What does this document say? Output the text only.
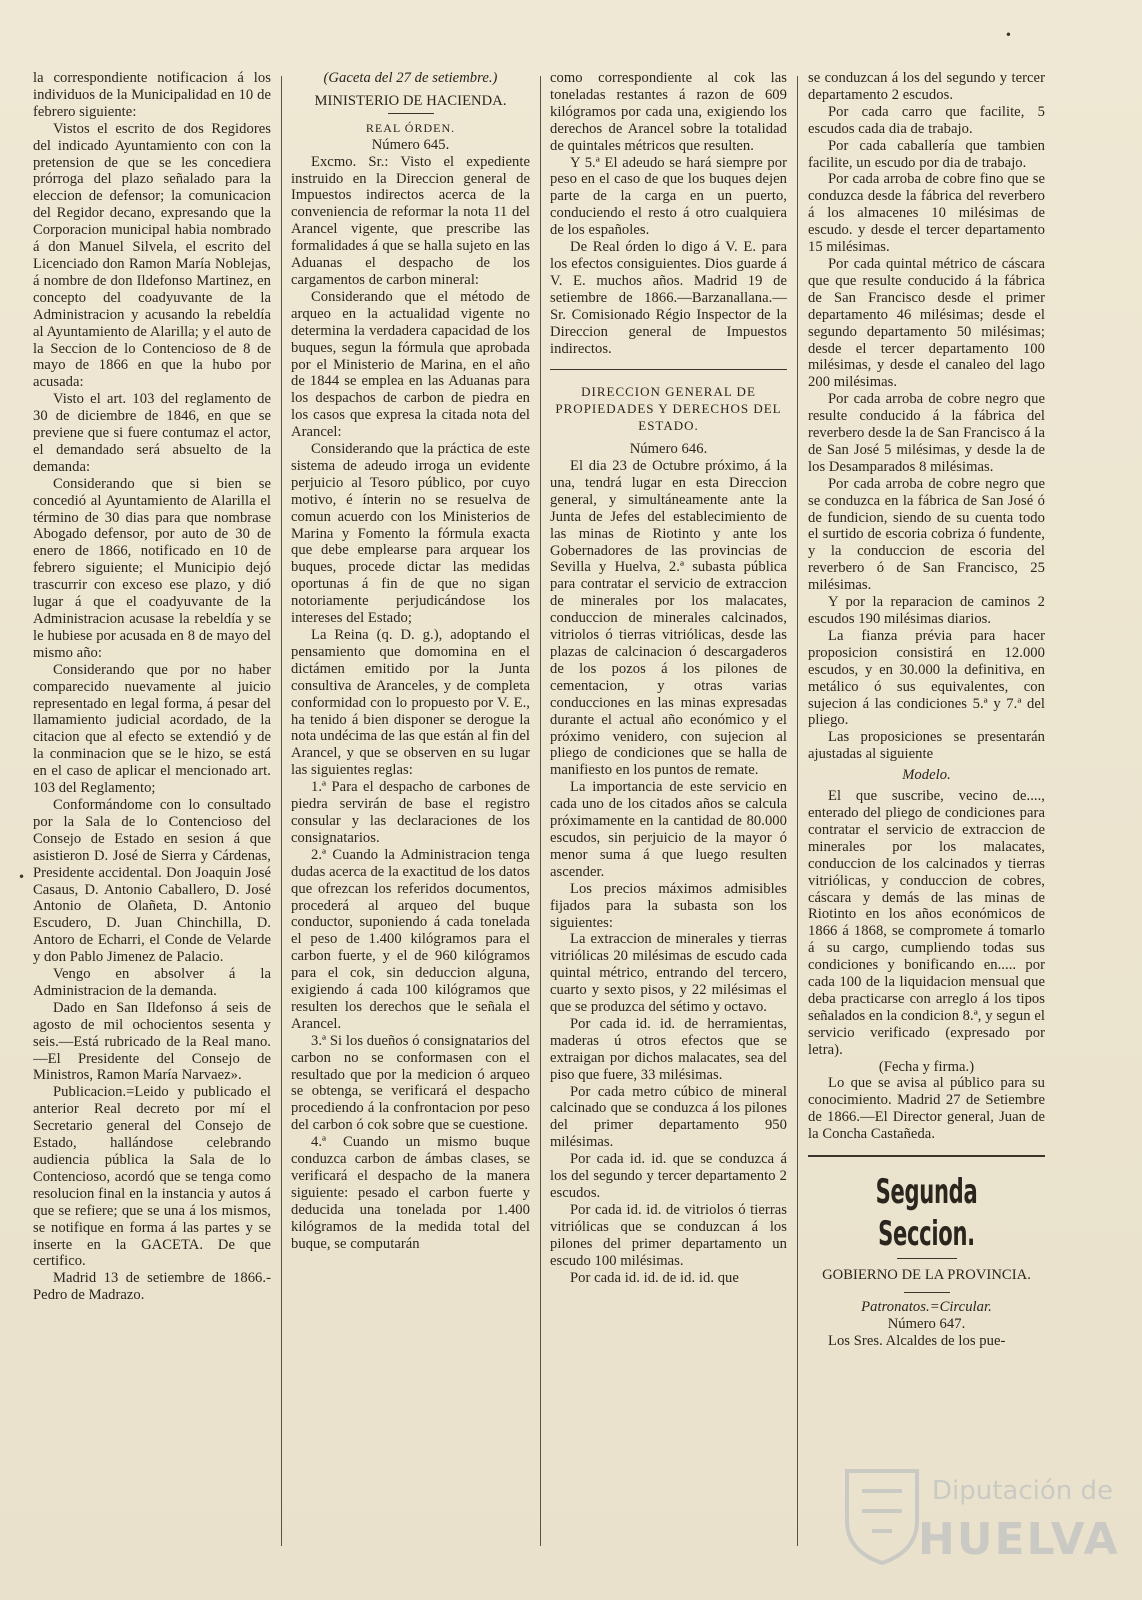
•
•

la correspondiente notificacion á los individuos de la Municipalidad en 10 de febrero siguiente:

Vistos el escrito de dos Regidores del indicado Ayuntamiento con con la pretension de que se les concediera prórroga del plazo señalado para la eleccion de defensor; la comunicacion del Regidor decano, expresando que la Corporacion municipal habia nombrado á don Manuel Silvela, el escrito del Licenciado don Ramon María Noblejas, á nombre de don Ildefonso Martinez, en concepto del coadyuvante de la Administracion y acusando la rebeldía al Ayuntamiento de Alarilla; y el auto de la Seccion de lo Contencioso de 8 de mayo de 1866 en que la hubo por acusada:

Visto el art. 103 del reglamento de 30 de diciembre de 1846, en que se previene que si fuere contumaz el actor, el demandado será absuelto de la demanda:

Considerando que si bien se concedió al Ayuntamiento de Alarilla el término de 30 dias para que nombrase Abogado defensor, por auto de 30 de enero de 1866, notificado en 10 de febrero siguiente; el Municipio dejó trascurrir con exceso ese plazo, y dió lugar á que el coadyuvante de la Administracion acusase la rebeldía y se le hubiese por acusada en 8 de mayo del mismo año:

Considerando que por no haber comparecido nuevamente al juicio representado en legal forma, á pesar del llamamiento judicial acordado, de la citacion que al efecto se extendió y de la conminacion que se le hizo, se está en el caso de aplicar el mencionado art. 103 del Reglamento;

Conformándome con lo consultado por la Sala de lo Contencioso del Consejo de Estado en sesion á que asistieron D. José de Sierra y Cárdenas, Presidente accidental. Don Joaquin José Casaus, D. Antonio Caballero, D. José Antonio de Olañeta, D. Antonio Escudero, D. Juan Chinchilla, D. Antoro de Echarri, el Conde de Velarde y don Pablo Jimenez de Palacio.

Vengo en absolver á la Administracion de la demanda.

Dado en San Ildefonso á seis de agosto de mil ochocientos sesenta y seis.—Está rubricado de la Real mano.—El Presidente del Consejo de Ministros, Ramon María Narvaez».

Publicacion.=Leido y publicado el anterior Real decreto por mí el Secretario general del Consejo de Estado, hallándose celebrando audiencia pública la Sala de lo Contencioso, acordó que se tenga como resolucion final en la instancia y autos á que se refiere; que se una á los mismos, se notifique en forma á las partes y se inserte en la GACETA. De que certifico.

Madrid 13 de setiembre de 1866.-Pedro de Madrazo.

(Gaceta del 27 de setiembre.)

MINISTERIO DE HACIENDA.

REAL ÓRDEN.

Número 645.

Excmo. Sr.: Visto el expediente instruido en la Direccion general de Impuestos indirectos acerca de la conveniencia de reformar la nota 11 del Arancel vigente, que prescribe las formalidades á que se halla sujeto en las Aduanas el despacho de los cargamentos de carbon mineral:

Considerando que el método de arqueo en la actualidad vigente no determina la verdadera capacidad de los buques, segun la fórmula que aprobada por el Ministerio de Marina, en el año de 1844 se emplea en las Aduanas para los despachos de carbon de piedra en los casos que expresa la citada nota del Arancel:

Considerando que la práctica de este sistema de adeudo irroga un evidente perjuicio al Tesoro público, por cuyo motivo, é ínterin no se resuelva de comun acuerdo con los Ministerios de Marina y Fomento la fórmula exacta que debe emplearse para arquear los buques, procede dictar las medidas oportunas á fin de que no sigan notoriamente perjudicándose los intereses del Estado;

La Reina (q. D. g.), adoptando el pensamiento que domomina en el dictámen emitido por la Junta consultiva de Aranceles, y de completa conformidad con lo propuesto por V. E., ha tenido á bien disponer se derogue la nota undécima de las que están al fin del Arancel, y que se observen en su lugar las siguientes reglas:

1.ª Para el despacho de carbones de piedra servirán de base el registro consular y las declaraciones de los consignatarios.

2.ª Cuando la Administracion tenga dudas acerca de la exactitud de los datos que ofrezcan los referidos documentos, procederá al arqueo del buque conductor, suponiendo á cada tonelada el peso de 1.400 kilógramos para el carbon fuerte, y el de 960 kilógramos para el cok, sin deduccion alguna, exigiendo á cada 100 kilógramos que resulten los derechos que le señala el Arancel.

3.ª Si los dueños ó consignatarios del carbon no se conformasen con el resultado que por la medicion ó arqueo se obtenga, se verificará el despacho procediendo á la confrontacion por peso del carbon ó cok sobre que se cuestione.

4.ª Cuando un mismo buque conduzca carbon de ámbas clases, se verificará el despacho de la manera siguiente: pesado el carbon fuerte y deducida una tonelada por 1.400 kilógramos de la medida total del buque, se computarán

como correspondiente al cok las toneladas restantes á razon de 609 kilógramos por cada una, exigiendo los derechos de Arancel sobre la totalidad de quintales métricos que resulten.

Y 5.ª El adeudo se hará siempre por peso en el caso de que los buques dejen parte de la carga en un puerto, conduciendo el resto á otro cualquiera de los españoles.

De Real órden lo digo á V. E. para los efectos consiguientes. Dios guarde á V. E. muchos años. Madrid 19 de setiembre de 1866.—Barzanallana.—Sr. Comisionado Régio Inspector de la Direccion general de Impuestos indirectos.

DIRECCION GENERAL DE PROPIEDADES Y DERECHOS DEL ESTADO.

Número 646.

El dia 23 de Octubre próximo, á la una, tendrá lugar en esta Direccion general, y simultáneamente ante la Junta de Jefes del establecimiento de las minas de Riotinto y ante los Gobernadores de las provincias de Sevilla y Huelva, 2.ª subasta pública para contratar el servicio de extraccion de minerales por los malacates, conduccion de minerales calcinados, vitriolos ó tierras vitriólicas, desde las plazas de calcinacion ó descargaderos de los pozos á los pilones de cementacion, y otras varias conducciones en las minas expresadas durante el actual año económico y el próximo venidero, con sujecion al pliego de condiciones que se halla de manifiesto en los puntos de remate.

La importancia de este servicio en cada uno de los citados años se calcula próximamente en la cantidad de 80.000 escudos, sin perjuicio de la mayor ó menor suma á que luego resulten ascender.

Los precios máximos admisibles fijados para la subasta son los siguientes:

La extraccion de minerales y tierras vitriólicas 20 milésimas de escudo cada quintal métrico, entrando del tercero, cuarto y sexto pisos, y 22 milésimas el que se produzca del sétimo y octavo.

Por cada id. id. de herramientas, maderas ú otros efectos que se extraigan por dichos malacates, sea del piso que fuere, 33 milésimas.

Por cada metro cúbico de mineral calcinado que se conduzca á los pilones del primer departamento 950 milésimas.

Por cada id. id. que se conduzca á los del segundo y tercer departamento 2 escudos.

Por cada id. id. de vitriolos ó tierras vitriólicas que se conduzcan á los pilones del primer departamento un escudo 100 milésimas.

Por cada id. id. de id. id. que

se conduzcan á los del segundo y tercer departamento 2 escudos.

Por cada carro que facilite, 5 escudos cada dia de trabajo.

Por cada caballería que tambien facilite, un escudo por dia de trabajo.

Por cada arroba de cobre fino que se conduzca desde la fábrica del reverbero á los almacenes 10 milésimas de escudo. y desde el tercer departamento 15 milésimas.

Por cada quintal métrico de cáscara que que resulte conducido á la fábrica de San Francisco desde el primer departamento 46 milésimas; desde el segundo departamento 50 milésimas; desde el tercer departamento 100 milésimas, y desde el canaleo del lago 200 milésimas.

Por cada arroba de cobre negro que resulte conducido á la fábrica del reverbero desde la de San Francisco á la de San José 5 milésimas, y desde la de los Desamparados 8 milésimas.

Por cada arroba de cobre negro que se conduzca en la fábrica de San José ó de fundicion, siendo de su cuenta todo el surtido de escoria cobriza ó fundente, y la conduccion de escoria del reverbero ó de San Francisco, 25 milésimas.

Y por la reparacion de caminos 2 escudos 190 milésimas diarios.

La fianza prévia para hacer proposicion consistirá en 12.000 escudos, y en 30.000 la definitiva, en metálico ó sus equivalentes, con sujecion á las condiciones 5.ª y 7.ª del pliego.

Las proposiciones se presentarán ajustadas al siguiente

Modelo.

El que suscribe, vecino de...., enterado del pliego de condiciones para contratar el servicio de extraccion de minerales por los malacates, conduccion de los calcinados y tierras vitriólicas, y conduccion de cobres, cáscara y demás de las minas de Riotinto en los años económicos de 1866 á 1868, se compromete á tomarlo á su cargo, cumpliendo todas sus condiciones y bonificando en..... por cada 100 de la liquidacion mensual que deba practicarse con arreglo á los tipos señalados en la condicion 8.ª, y segun el servicio verificado (expresado por letra).

(Fecha y firma.)

Lo que se avisa al público para su conocimiento. Madrid 27 de Setiembre de 1866.—El Director general, Juan de la Concha Castañeda.

Segunda Seccion.

GOBIERNO DE LA PROVINCIA.

Patronatos.=Circular.

Número 647.

Los Sres. Alcaldes de los pue-

Diputación de
HUELVA
